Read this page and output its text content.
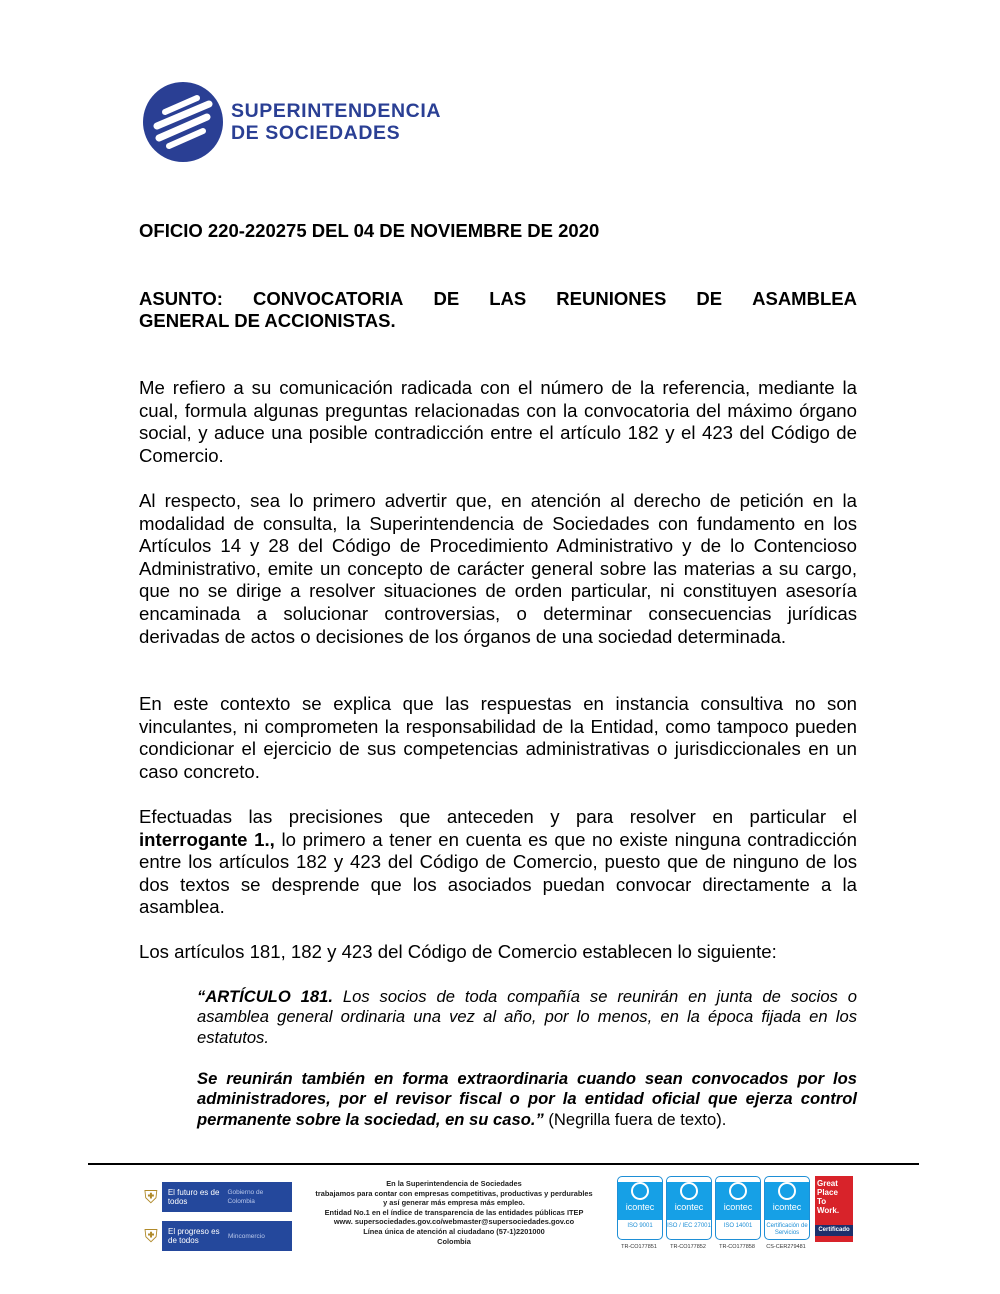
SUPERINTENDENCIA
DE SOCIEDADES
OFICIO 220-220275 DEL 04 DE NOVIEMBRE DE 2020
ASUNTO: CONVOCATORIA DE LAS REUNIONES DE ASAMBLEA
GENERAL DE ACCIONISTAS.
Me refiero a su comunicación radicada con el número de la referencia, mediante la cual, formula algunas preguntas relacionadas con la convocatoria del máximo órgano social, y aduce una posible contradicción entre el artículo 182 y el 423 del Código de Comercio.
Al respecto, sea lo primero advertir que, en atención al derecho de petición en la modalidad de consulta, la Superintendencia de Sociedades con fundamento en los Artículos 14 y 28 del Código de Procedimiento Administrativo y de lo Contencioso Administrativo, emite un concepto de carácter general sobre las materias a su cargo, que no se dirige a resolver situaciones de orden particular, ni constituyen asesoría encaminada a solucionar controversias, o determinar consecuencias jurídicas derivadas de actos o decisiones de los órganos de una sociedad determinada.
En este contexto se explica que las respuestas en instancia consultiva no son vinculantes, ni comprometen la responsabilidad de la Entidad, como tampoco pueden condicionar el ejercicio de sus competencias administrativas o jurisdiccionales en un caso concreto.
Efectuadas las precisiones que anteceden y para resolver en particular el interrogante 1., lo primero a tener en cuenta es que no existe ninguna contradicción entre los artículos 182 y 423 del Código de Comercio, puesto que de ninguno de los dos textos se desprende que los asociados puedan convocar directamente a la asamblea.
Los artículos 181, 182 y 423 del Código de Comercio establecen lo siguiente:
“ARTÍCULO 181. Los socios de toda compañía se reunirán en junta de socios o asamblea general ordinaria una vez al año, por lo menos, en la época fijada en los estatutos.
Se reunirán también en forma extraordinaria cuando sean convocados por los administradores, por el revisor fiscal o por la entidad oficial que ejerza control permanente sobre la sociedad, en su caso.” (Negrilla fuera de texto).
⛨	El futuro es de todos
Gobierno de Colombia
⛨	El progreso es de todos	Mincomercio
En la Superintendencia de Sociedades
trabajamos para contar con empresas competitivas, productivas y perdurables
y así generar más empresa más empleo.
Entidad No.1 en el índice de transparencia de las entidades públicas ITEP
www. supersociedades.gov.co/webmaster@supersociedades.gov.co
Línea única de atención al ciudadano (57-1)2201000
Colombia
icontec
ISO 9001
icontec
ISO / IEC 27001
icontec
ISO 14001
icontec
Certificación de Servicios
TR-CO177851	TR-CO177852	TR-CO177858	CS-CER279481
Great
Place
To
Work.
Certificado
